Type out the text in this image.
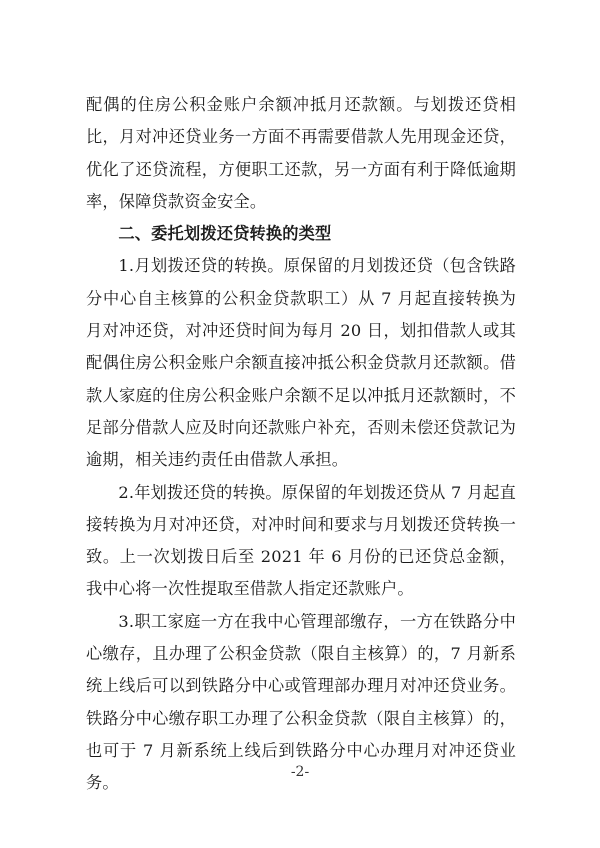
配偶的住房公积金账户余额冲抵月还款额。与划拨还贷相比，月对冲还贷业务一方面不再需要借款人先用现金还贷，优化了还贷流程，方便职工还款，另一方面有利于降低逾期率，保障贷款资金安全。

二、委托划拨还贷转换的类型

1.月划拨还贷的转换。原保留的月划拨还贷（包含铁路分中心自主核算的公积金贷款职工）从 7 月起直接转换为月对冲还贷，对冲还贷时间为每月 20 日，划扣借款人或其配偶住房公积金账户余额直接冲抵公积金贷款月还款额。借款人家庭的住房公积金账户余额不足以冲抵月还款额时，不足部分借款人应及时向还款账户补充，否则未偿还贷款记为逾期，相关违约责任由借款人承担。

2.年划拨还贷的转换。原保留的年划拨还贷从 7 月起直接转换为月对冲还贷，对冲时间和要求与月划拨还贷转换一致。上一次划拨日后至 2021 年 6 月份的已还贷总金额，我中心将一次性提取至借款人指定还款账户。

3.职工家庭一方在我中心管理部缴存，一方在铁路分中心缴存，且办理了公积金贷款（限自主核算）的，7 月新系统上线后可以到铁路分中心或管理部办理月对冲还贷业务。铁路分中心缴存职工办理了公积金贷款（限自主核算）的，也可于 7 月新系统上线后到铁路分中心办理月对冲还贷业务。

-2-
